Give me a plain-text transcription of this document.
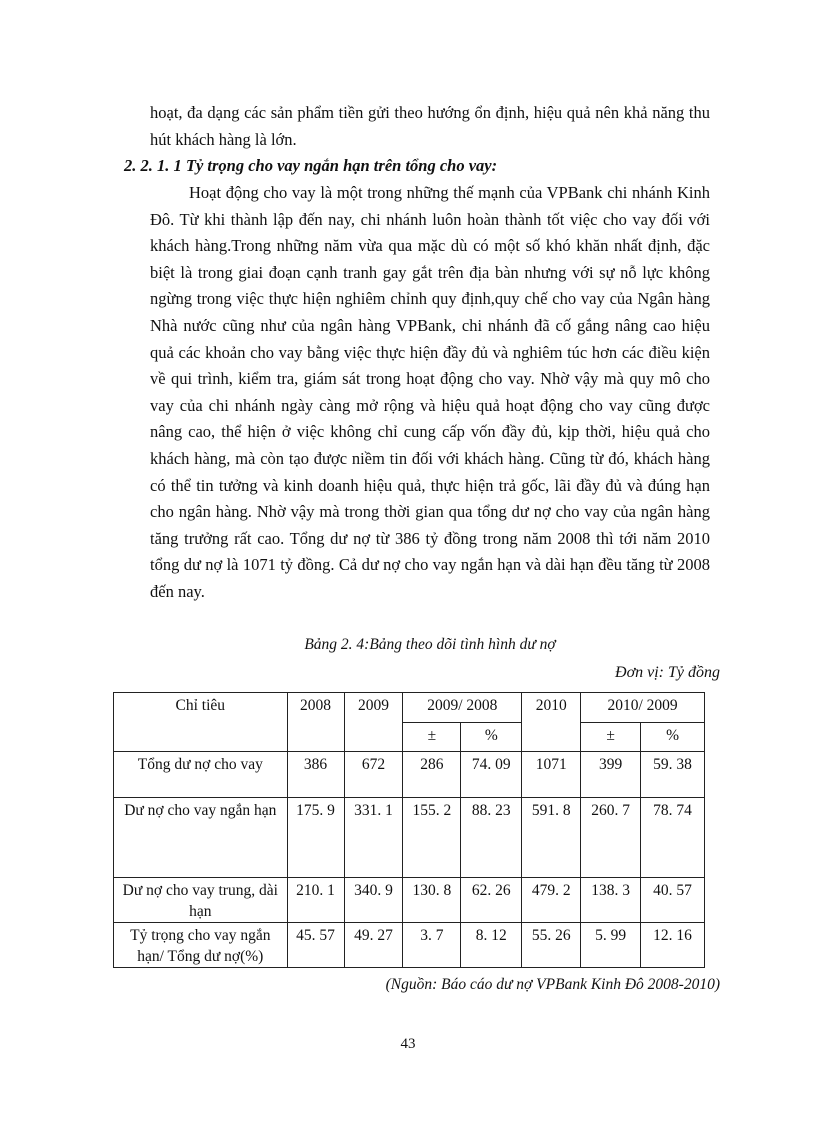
hoạt, đa dạng các sản phẩm tiền gửi theo hướng ổn định, hiệu quả nên khả năng thu hút khách hàng là lớn.

2. 2. 1. 1 Tỷ trọng cho vay ngắn hạn trên tổng cho vay:

Hoạt động cho vay là một trong những thế mạnh của VPBank chi nhánh Kinh Đô. Từ khi thành lập đến nay, chi nhánh luôn hoàn thành tốt việc cho vay đối với khách hàng.Trong những năm vừa qua mặc dù có một số khó khăn nhất định, đặc biệt là trong giai đoạn cạnh tranh gay gắt trên địa bàn nhưng với sự nỗ lực không ngừng trong việc thực hiện nghiêm chỉnh quy định,quy chế cho vay của Ngân hàng Nhà nước cũng như của ngân hàng VPBank, chi nhánh đã cố gắng nâng cao hiệu quả các khoản cho vay bằng việc thực hiện đầy đủ và nghiêm túc hơn các điều kiện về qui trình, kiểm tra, giám sát trong hoạt động cho vay. Nhờ vậy mà quy mô cho vay của chi nhánh ngày càng mở rộng và hiệu quả hoạt động cho vay cũng được nâng cao, thể hiện ở việc không chỉ cung cấp vốn đầy đủ, kịp thời, hiệu quả cho khách hàng, mà còn tạo được niềm tin đối với khách hàng. Cũng từ đó, khách hàng có thể tin tưởng và kinh doanh hiệu quả, thực hiện trả gốc, lãi đầy đủ và đúng hạn cho ngân hàng. Nhờ vậy mà trong thời gian qua tổng dư nợ cho vay của ngân hàng tăng trưởng rất cao. Tổng dư nợ từ 386 tỷ đồng trong năm 2008 thì tới năm 2010 tổng dư nợ là 1071 tỷ đồng. Cả dư nợ cho vay ngắn hạn và dài hạn đều tăng từ 2008 đến nay.

Bảng 2. 4:Bảng theo dõi tình hình dư nợ
Đơn vị: Tỷ đồng
Chỉ tiêu	2008	2009	2009/ 2008		2010	2010/ 2009	
			±	%		±	%
Tổng dư nợ cho vay	386	672	286	74. 09	1071	399	59. 38
Dư nợ cho vay ngắn hạn	175. 9	331. 1	155. 2	88. 23	591. 8	260. 7	78. 74
Dư nợ cho vay trung, dài hạn	210. 1	340. 9	130. 8	62. 26	479. 2	138. 3	40. 57
Tỷ trọng cho vay ngắn hạn/ Tổng dư nợ(%)	45. 57	49. 27	3. 7	8. 12	55. 26	5. 99	12. 16
(Nguồn: Báo cáo dư nợ VPBank Kinh Đô 2008-2010)
43
